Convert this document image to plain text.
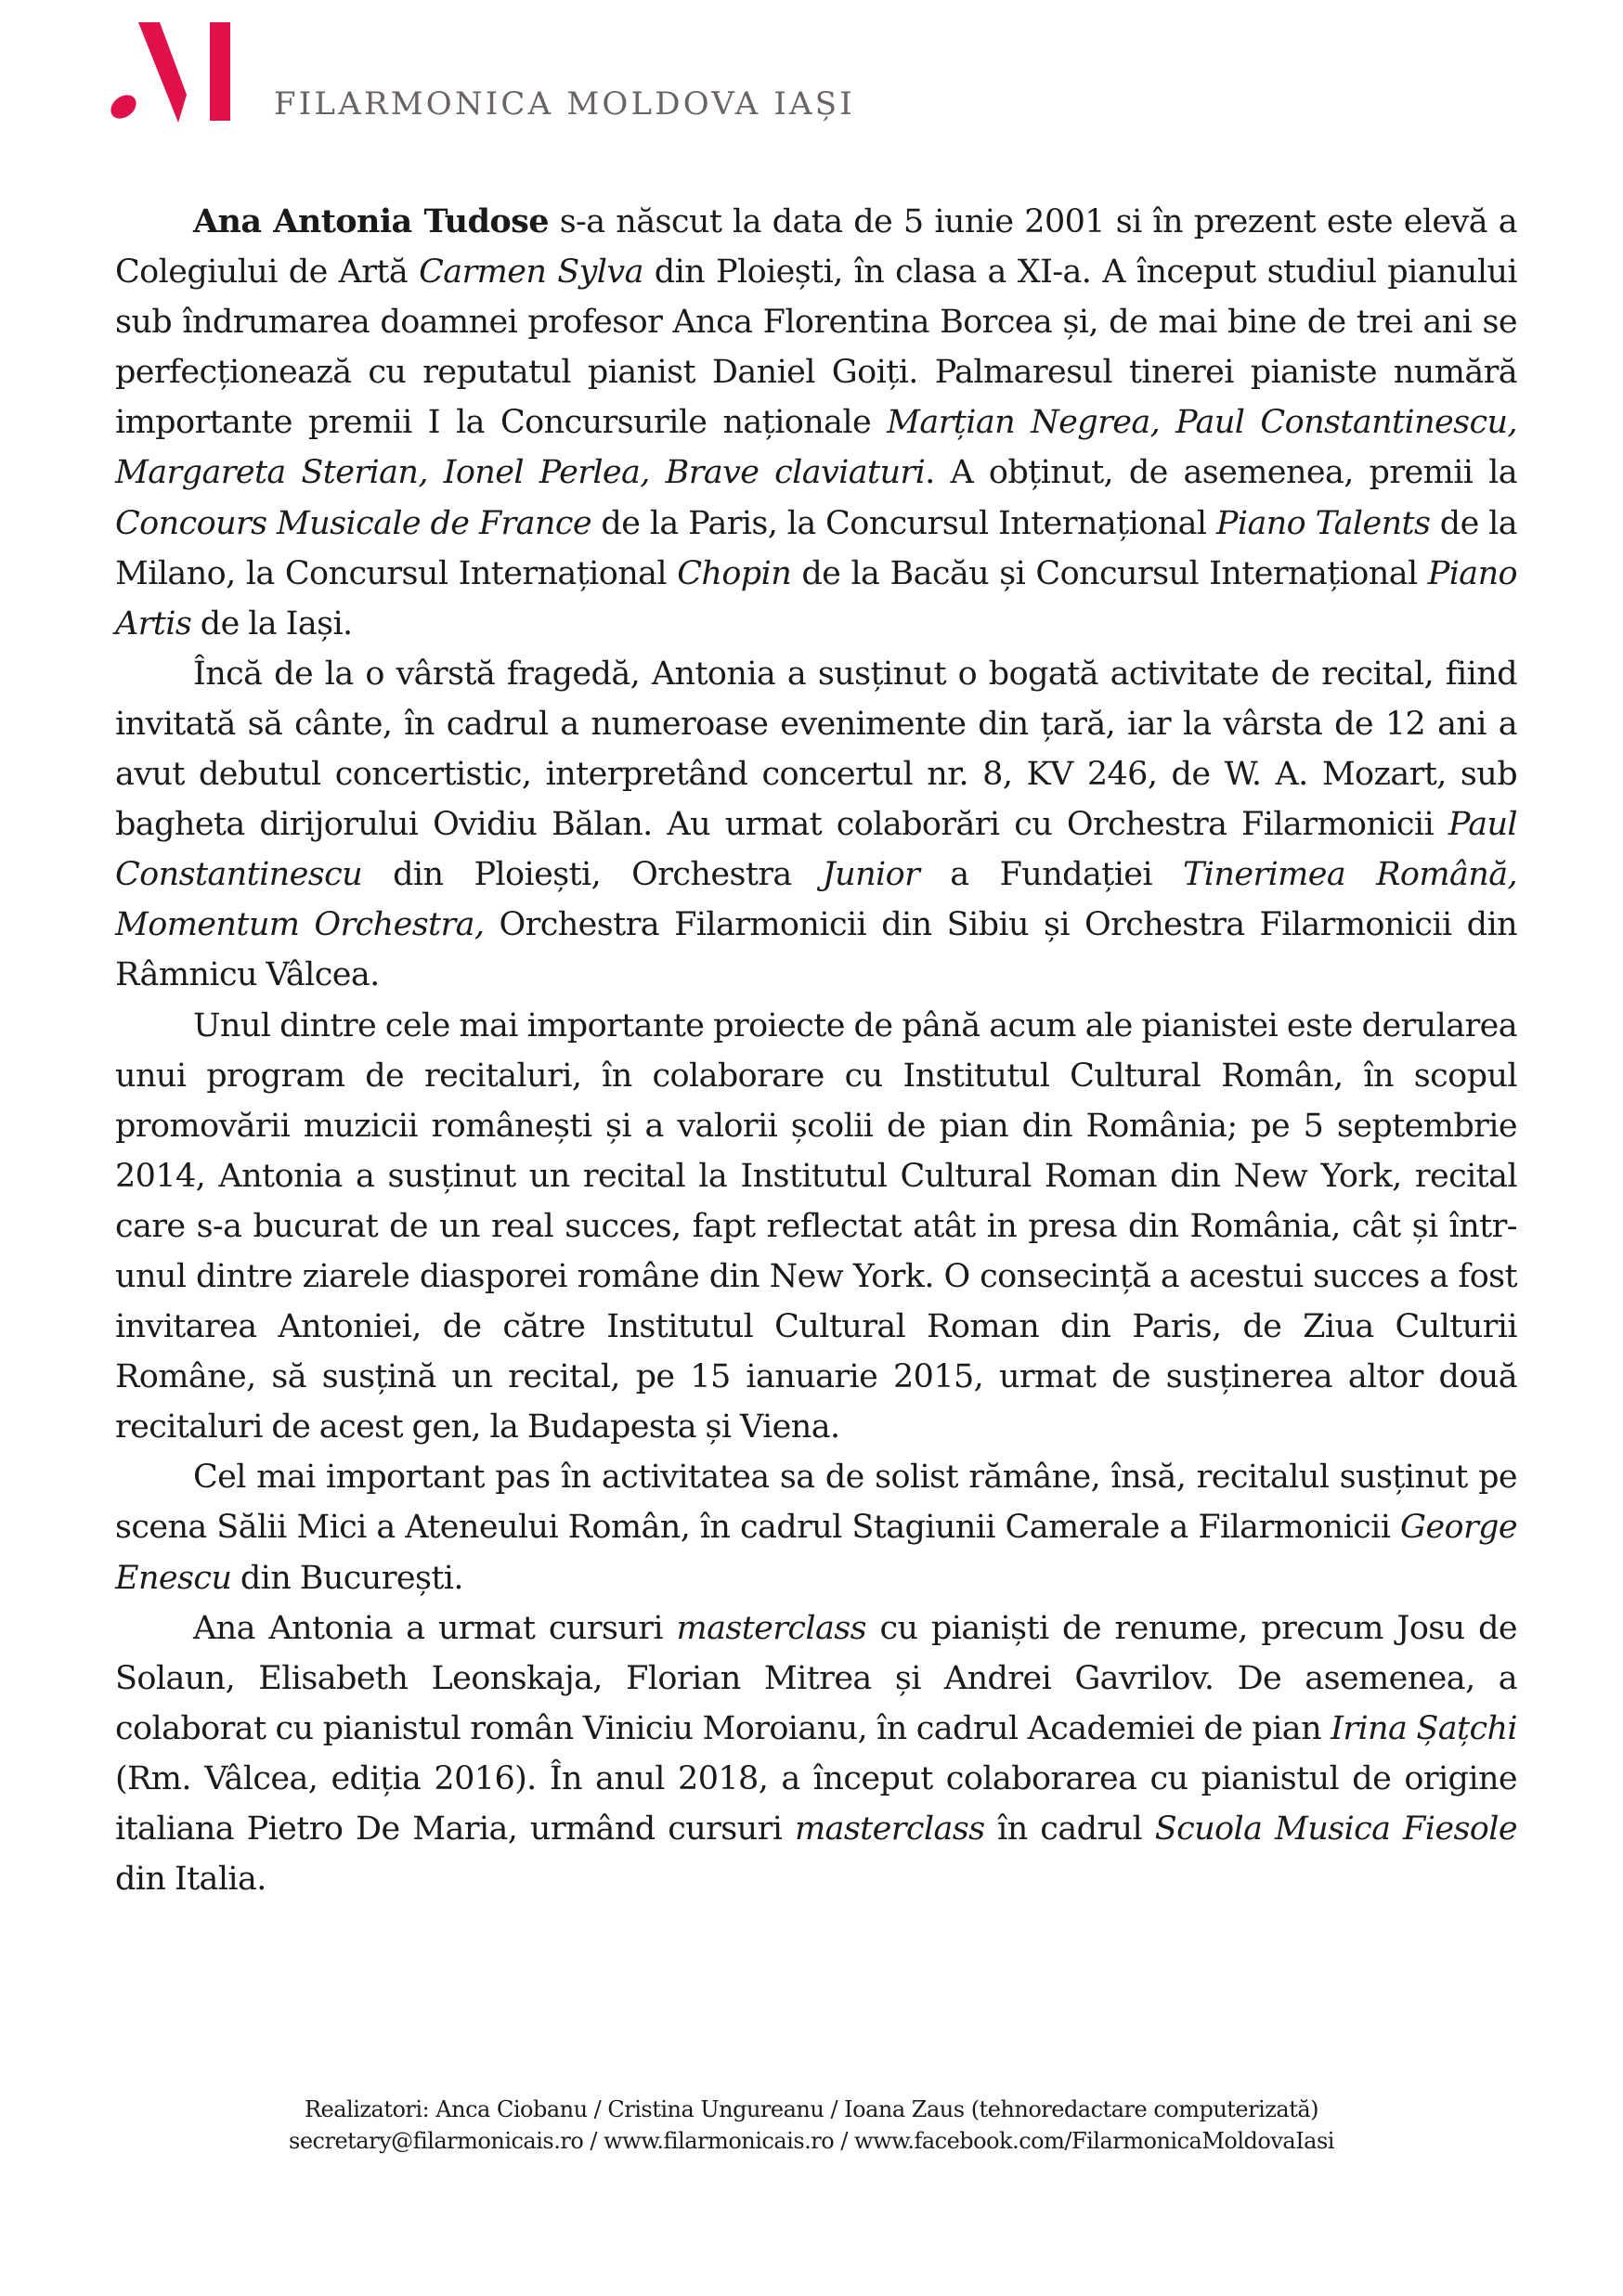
FILARMONICA MOLDOVA IAȘI

Ana Antonia Tudose s-a născut la data de 5 iunie 2001 si în prezent este elevă a Colegiului de Artă Carmen Sylva din Ploiești, în clasa a XI-a. A început studiul pianului sub îndrumarea doamnei profesor Anca Florentina Borcea și, de mai bine de trei ani se perfecționează cu reputatul pianist Daniel Goiți. Palmaresul tinerei pianiste numără importante premii I la Concursurile naționale Marțian Negrea, Paul Constantinescu, Margareta Sterian, Ionel Perlea, Brave claviaturi. A obținut, de asemenea, premii la Concours Musicale de France de la Paris, la Concursul Internațional Piano Talents de la Milano, la Concursul Internațional Chopin de la Bacău și Concursul Internațional Piano Artis de la Iași.

Încă de la o vârstă fragedă, Antonia a susținut o bogată activitate de recital, fiind invitată să cânte, în cadrul a numeroase evenimente din țară, iar la vârsta de 12 ani a avut debutul concertistic, interpretând concertul nr. 8, KV 246, de W. A. Mozart, sub bagheta dirijorului Ovidiu Bălan. Au urmat colaborări cu Orchestra Filarmonicii Paul Constantinescu din Ploiești, Orchestra Junior a Fundației Tinerimea Română, Momentum Orchestra, Orchestra Filarmonicii din Sibiu și Orchestra Filarmonicii din Râmnicu Vâlcea.

Unul dintre cele mai importante proiecte de până acum ale pianistei este derularea unui program de recitaluri, în colaborare cu Institutul Cultural Român, în scopul promovării muzicii românești și a valorii școlii de pian din România; pe 5 septembrie 2014, Antonia a susținut un recital la Institutul Cultural Roman din New York, recital care s-a bucurat de un real succes, fapt reflectat atât in presa din România, cât și într-unul dintre ziarele diasporei române din New York. O consecință a acestui succes a fost invitarea Antoniei, de către Institutul Cultural Roman din Paris, de Ziua Culturii Române, să susțină un recital, pe 15 ianuarie 2015, urmat de susținerea altor două recitaluri de acest gen, la Budapesta și Viena.

Cel mai important pas în activitatea sa de solist rămâne, însă, recitalul susținut pe scena Sălii Mici a Ateneului Român, în cadrul Stagiunii Camerale a Filarmonicii George Enescu din București.

Ana Antonia a urmat cursuri masterclass cu pianiști de renume, precum Josu de Solaun, Elisabeth Leonskaja, Florian Mitrea și Andrei Gavrilov. De asemenea, a colaborat cu pianistul român Viniciu Moroianu, în cadrul Academiei de pian Irina Șațchi (Rm. Vâlcea, ediția 2016). În anul 2018, a început colaborarea cu pianistul de origine italiana Pietro De Maria, urmând cursuri masterclass în cadrul Scuola Musica Fiesole din Italia.

Realizatori: Anca Ciobanu / Cristina Ungureanu / Ioana Zaus (tehnoredactare computerizată)
secretary@filarmonicais.ro / www.filarmonicais.ro / www.facebook.com/FilarmonicaMoldovaIasi
